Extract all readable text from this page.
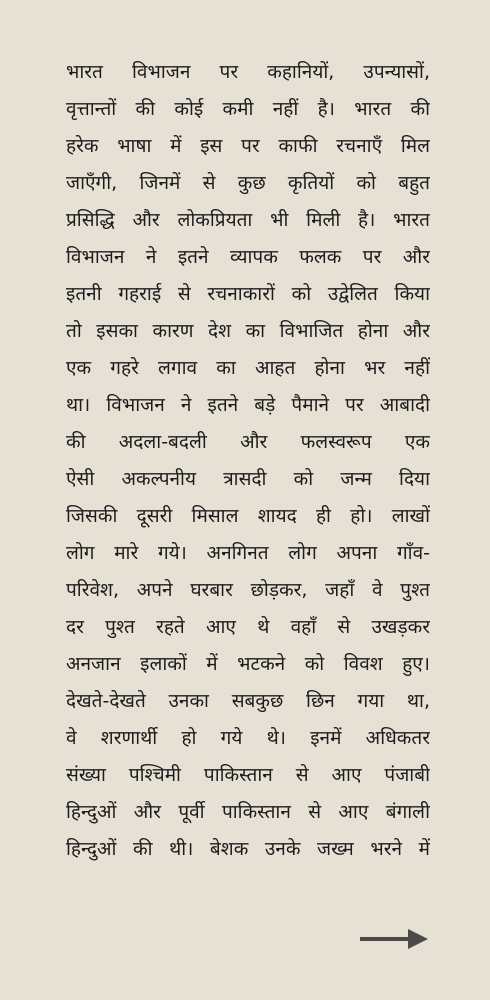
भारत विभाजन पर कहानियों, उपन्यासों,
वृत्तान्तों की कोई कमी नहीं है। भारत की
हरेक भाषा में इस पर काफी रचनाएँ मिल
जाएँगी, जिनमें से कुछ कृतियों को बहुत
प्रसिद्धि और लोकप्रियता भी मिली है। भारत
विभाजन ने इतने व्यापक फलक पर और
इतनी गहराई से रचनाकारों को उद्वेलित किया
तो इसका कारण देश का विभाजित होना और
एक गहरे लगाव का आहत होना भर नहीं
था। विभाजन ने इतने बड़े पैमाने पर आबादी
की अदला-बदली और फलस्वरूप एक
ऐसी अकल्पनीय त्रासदी को जन्म दिया
जिसकी दूसरी मिसाल शायद ही हो। लाखों
लोग मारे गये। अनगिनत लोग अपना गाँव-
परिवेश, अपने घरबार छोड़कर, जहाँ वे पुश्त
दर पुश्त रहते आए थे वहाँ से उखड़कर
अनजान इलाकों में भटकने को विवश हुए।
देखते-देखते उनका सबकुछ छिन गया था,
वे शरणार्थी हो गये थे। इनमें अधिकतर
संख्या पश्चिमी पाकिस्तान से आए पंजाबी
हिन्दुओं और पूर्वी पाकिस्तान से आए बंगाली
हिन्दुओं की थी। बेशक उनके जख्म भरने में
